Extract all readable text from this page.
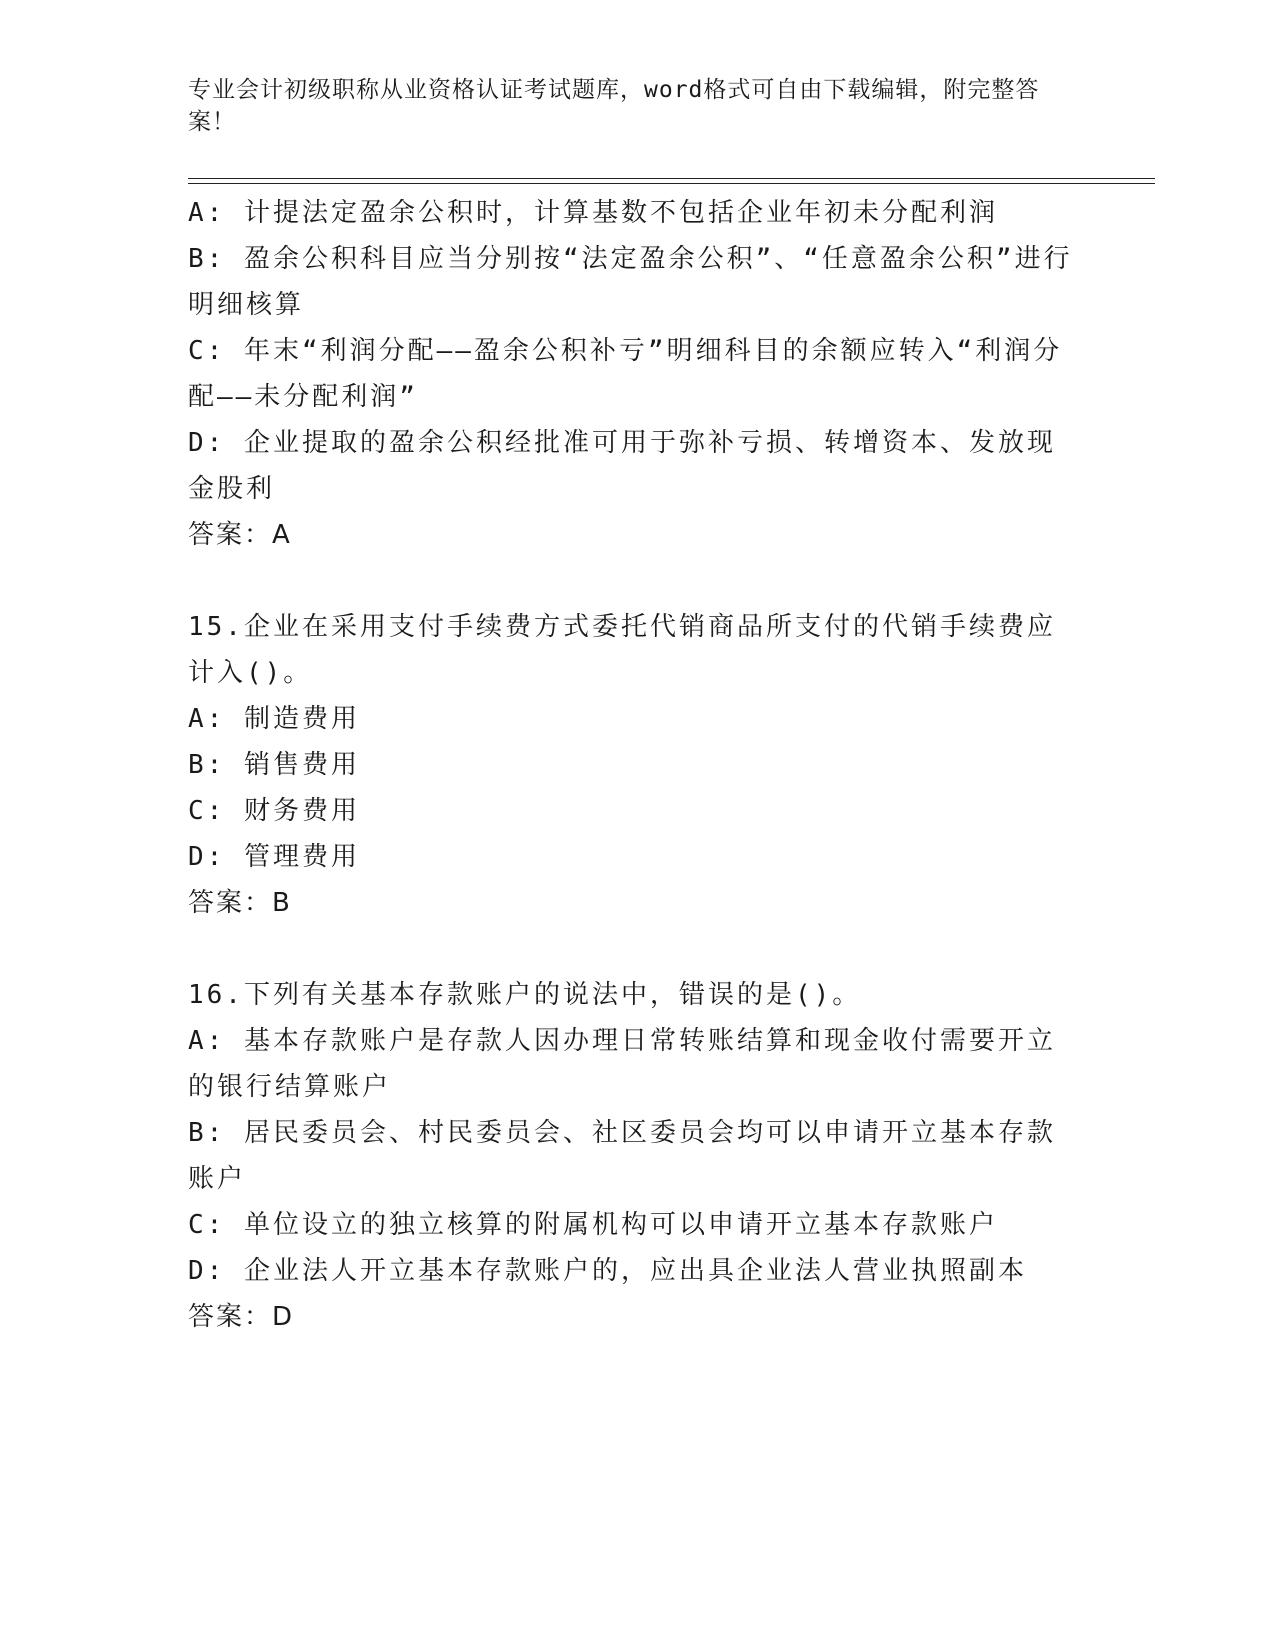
专业会计初级职称从业资格认证考试题库，word格式可自由下载编辑，附完整答案！

A: 计提法定盈余公积时，计算基数不包括企业年初未分配利润

B: 盈余公积科目应当分别按“法定盈余公积”、“任意盈余公积”进行明细核算

C: 年末“利润分配——盈余公积补亏”明细科目的余额应转入“利润分配——未分配利润”

D: 企业提取的盈余公积经批准可用于弥补亏损、转增资本、发放现金股利

答案：A

15.企业在采用支付手续费方式委托代销商品所支付的代销手续费应计入()。

A: 制造费用

B: 销售费用

C: 财务费用

D: 管理费用

答案：B

16.下列有关基本存款账户的说法中，错误的是()。

A: 基本存款账户是存款人因办理日常转账结算和现金收付需要开立的银行结算账户

B: 居民委员会、村民委员会、社区委员会均可以申请开立基本存款账户

C: 单位设立的独立核算的附属机构可以申请开立基本存款账户

D: 企业法人开立基本存款账户的，应出具企业法人营业执照副本

答案：D
